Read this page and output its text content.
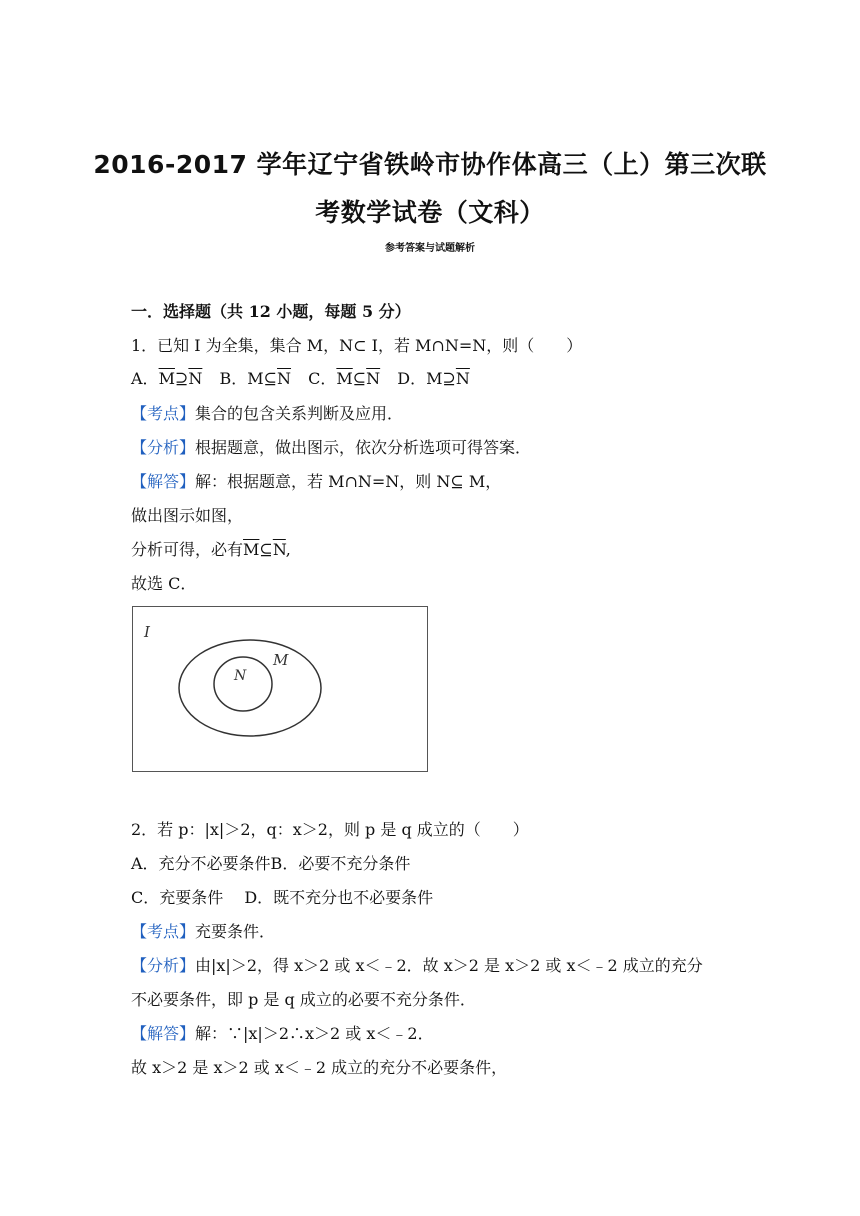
2016-2017 学年辽宁省铁岭市协作体高三（上）第三次联
考数学试卷（文科）
参考答案与试题解析
一．选择题（共 12 小题，每题 5 分）
1．已知 I 为全集，集合 M，N⊂ I，若 M∩N=N，则（　　）
A．$\overline{M}⊇\overline{N}$ B．$M⊆\overline{N}$ C．$\overline{M}⊆\overline{N}$ D．$M⊇\overline{N}$
【考点】集合的包含关系判断及应用．
【分析】根据题意，做出图示，依次分析选项可得答案．
【解答】解：根据题意，若 M∩N=N，则 N⊆ M，
做出图示如图，
分析可得，必有$\overline{M}⊆\overline{N}$,
故选 C．
I
M
N
2．若 p：|x|＞2，q：x＞2，则 p 是 q 成立的（　　）
A．充分不必要条件B．必要不充分条件
C．充要条件　 D．既不充分也不必要条件
【考点】充要条件．
【分析】由|x|＞2，得 x＞2 或 x＜﹣2．故 x＞2 是 x＞2 或 x＜﹣2 成立的充分
不必要条件，即 p 是 q 成立的必要不充分条件．
【解答】解：∵|x|＞2∴x＞2 或 x＜﹣2．
故 x＞2 是 x＞2 或 x＜﹣2 成立的充分不必要条件，
